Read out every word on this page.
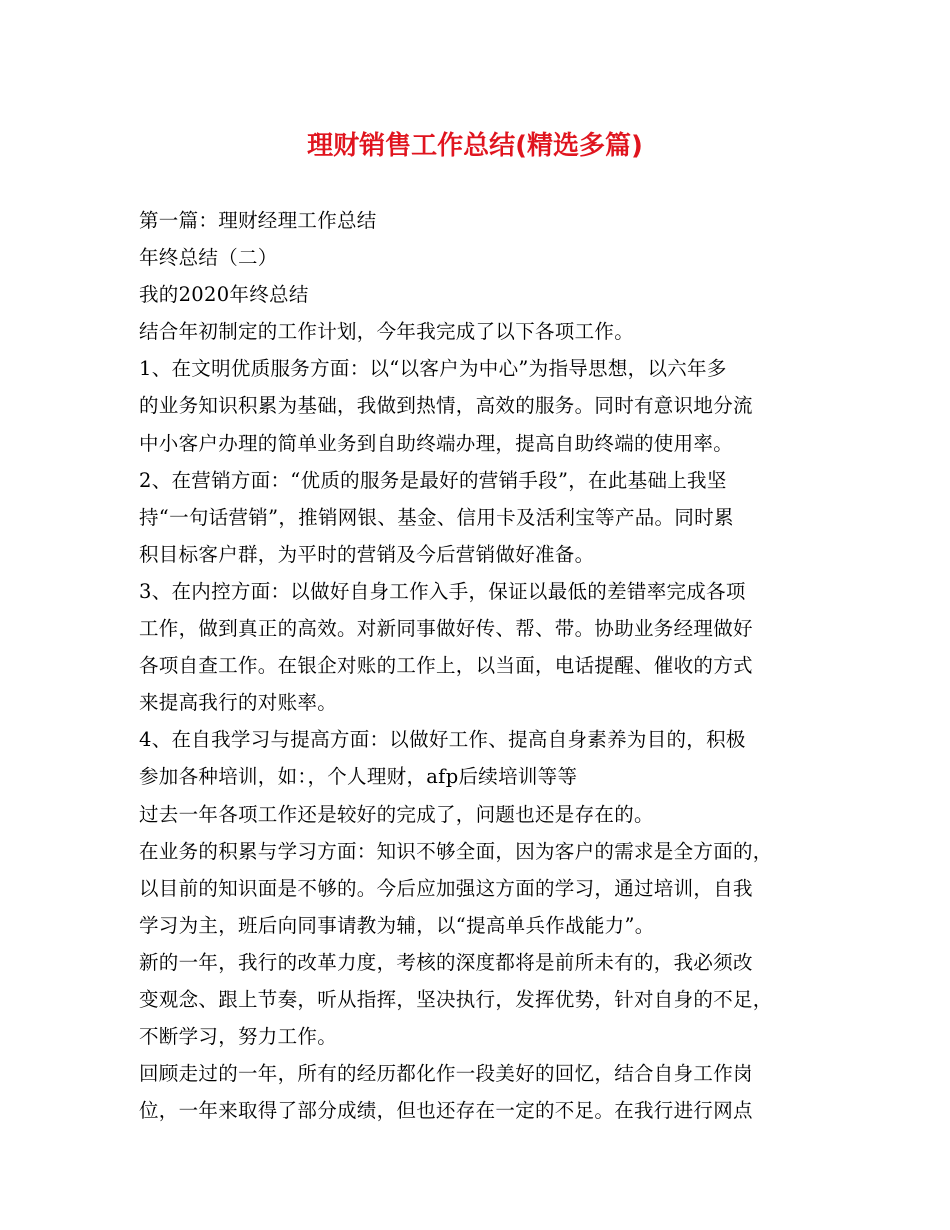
理财销售工作总结(精选多篇)
第一篇：理财经理工作总结
年终总结（二）
我的2020年终总结
结合年初制定的工作计划，今年我完成了以下各项工作。
1、在文明优质服务方面：以“以客户为中心”为指导思想，以六年多
的业务知识积累为基础，我做到热情，高效的服务。同时有意识地分流
中小客户办理的简单业务到自助终端办理，提高自助终端的使用率。
2、在营销方面：“优质的服务是最好的营销手段”，在此基础上我坚
持“一句话营销”，推销网银、基金、信用卡及活利宝等产品。同时累
积目标客户群，为平时的营销及今后营销做好准备。
3、在内控方面：以做好自身工作入手，保证以最低的差错率完成各项
工作，做到真正的高效。对新同事做好传、帮、带。协助业务经理做好
各项自查工作。在银企对账的工作上，以当面，电话提醒、催收的方式
来提高我行的对账率。
4、在自我学习与提高方面：以做好工作、提高自身素养为目的，积极
参加各种培训，如：，个人理财，afp后续培训等等
过去一年各项工作还是较好的完成了，问题也还是存在的。
在业务的积累与学习方面：知识不够全面，因为客户的需求是全方面的，
以目前的知识面是不够的。今后应加强这方面的学习，通过培训，自我
学习为主，班后向同事请教为辅，以“提高单兵作战能力”。
新的一年，我行的改革力度，考核的深度都将是前所未有的，我必须改
变观念、跟上节奏，听从指挥，坚决执行，发挥优势，针对自身的不足，
不断学习，努力工作。
回顾走过的一年，所有的经历都化作一段美好的回忆，结合自身工作岗
位，一年来取得了部分成绩，但也还存在一定的不足。在我行进行网点
